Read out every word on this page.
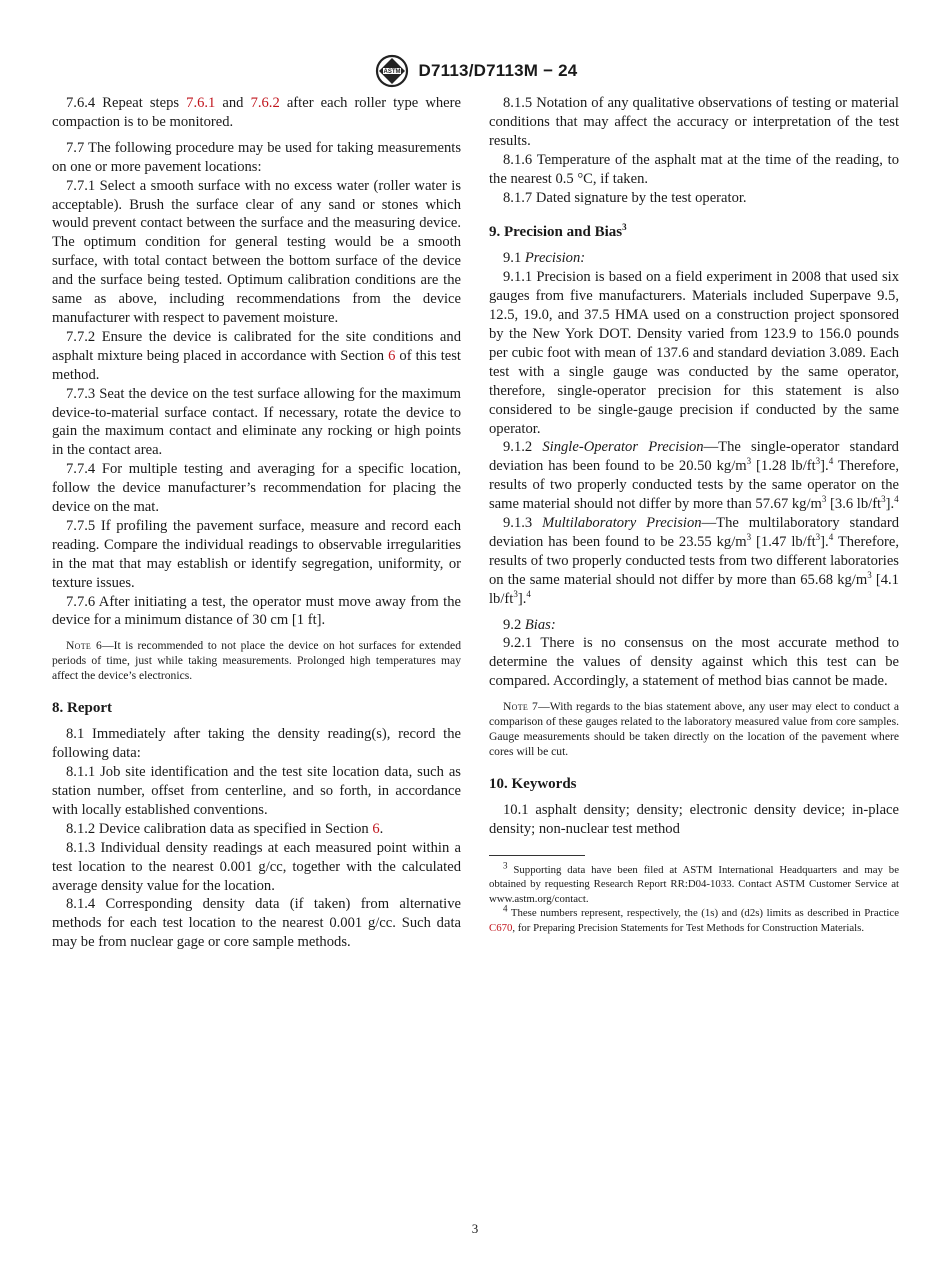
ASTM D7113/D7113M − 24

7.6.4 Repeat steps 7.6.1 and 7.6.2 after each roller type where compaction is to be monitored.

7.7 The following procedure may be used for taking measurements on one or more pavement locations:

7.7.1 Select a smooth surface with no excess water (roller water is acceptable). Brush the surface clear of any sand or stones which would prevent contact between the surface and the measuring device. The optimum condition for general testing would be a smooth surface, with total contact between the bottom surface of the device and the surface being tested. Optimum calibration conditions are the same as above, including recommendations from the device manufacturer with respect to pavement moisture.

7.7.2 Ensure the device is calibrated for the site conditions and asphalt mixture being placed in accordance with Section 6 of this test method.

7.7.3 Seat the device on the test surface allowing for the maximum device-to-material surface contact. If necessary, rotate the device to gain the maximum contact and eliminate any rocking or high points in the contact area.

7.7.4 For multiple testing and averaging for a specific location, follow the device manufacturer’s recommendation for placing the device on the mat.

7.7.5 If profiling the pavement surface, measure and record each reading. Compare the individual readings to observable irregularities in the mat that may establish or identify segregation, uniformity, or texture issues.

7.7.6 After initiating a test, the operator must move away from the device for a minimum distance of 30 cm [1 ft].

Note 6—It is recommended to not place the device on hot surfaces for extended periods of time, just while taking measurements. Prolonged high temperatures may affect the device’s electronics.

8. Report

8.1 Immediately after taking the density reading(s), record the following data:

8.1.1 Job site identification and the test site location data, such as station number, offset from centerline, and so forth, in accordance with locally established conventions.

8.1.2 Device calibration data as specified in Section 6.

8.1.3 Individual density readings at each measured point within a test location to the nearest 0.001 g/cc, together with the calculated average density value for the location.

8.1.4 Corresponding density data (if taken) from alternative methods for each test location to the nearest 0.001 g/cc. Such data may be from nuclear gage or core sample methods.

8.1.5 Notation of any qualitative observations of testing or material conditions that may affect the accuracy or interpretation of the test results.

8.1.6 Temperature of the asphalt mat at the time of the reading, to the nearest 0.5 °C, if taken.

8.1.7 Dated signature by the test operator.

9. Precision and Bias$^3$

9.1 Precision:

9.1.1 Precision is based on a field experiment in 2008 that used six gauges from five manufacturers. Materials included Superpave 9.5, 12.5, 19.0, and 37.5 HMA used on a construction project sponsored by the New York DOT. Density varied from 123.9 to 156.0 pounds per cubic foot with mean of 137.6 and standard deviation 3.089. Each test with a single gauge was conducted by the same operator, therefore, single-operator precision for this statement is also considered to be single-gauge precision if conducted by the same operator.

9.1.2 Single-Operator Precision—The single-operator standard deviation has been found to be 20.50 $kg/m^3$ [1.28 $lb/ft^3].^4$ Therefore, results of two properly conducted tests by the same operator on the same material should not differ by more than 57.67 $kg/m^3$ [3.6 $lb/ft^3].^4$

9.1.3 Multilaboratory Precision—The multilaboratory standard deviation has been found to be 23.55 $kg/m^3$ [1.47 $lb/ft^3].^4$ Therefore, results of two properly conducted tests from two different laboratories on the same material should not differ by more than 65.68 $kg/m^3$ [4.1 $lb/ft^3].^4$

9.2 Bias:

9.2.1 There is no consensus on the most accurate method to determine the values of density against which this test can be compared. Accordingly, a statement of method bias cannot be made.

Note 7—With regards to the bias statement above, any user may elect to conduct a comparison of these gauges related to the laboratory measured value from core samples. Gauge measurements should be taken directly on the location of the pavement where cores will be cut.

10. Keywords

10.1 asphalt density; density; electronic density device; in-place density; non-nuclear test method

$^3$ Supporting data have been filed at ASTM International Headquarters and may be obtained by requesting Research Report RR:D04-1033. Contact ASTM Customer Service at www.astm.org/contact.

$^4$ These numbers represent, respectively, the (1s) and (d2s) limits as described in Practice C670, for Preparing Precision Statements for Test Methods for Construction Materials.

3
